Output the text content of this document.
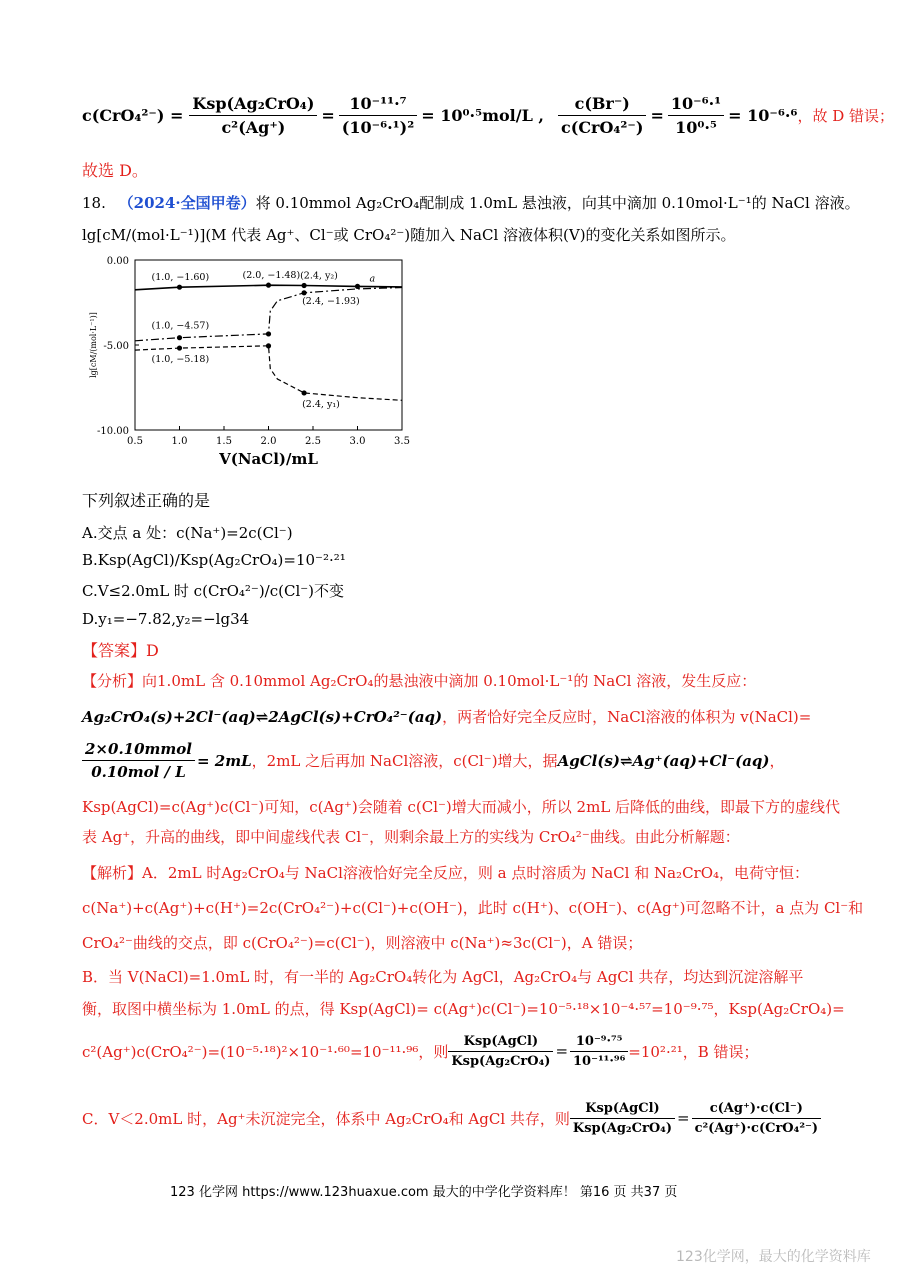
$c(CrO_4^{2-}) = \frac{\text{Ksp(Ag₂CrO₄)}}{\text{c²(Ag⁺)}} = \frac{\text{10⁻¹¹·⁷}}{\text{(10⁻⁶·¹)²}} = 10^0\cdot^5mol/L$ , $\frac{c(Br^-)}{\text{c(CrO₄²⁻)}} = \frac{\text{10⁻⁶·¹}}{\text{10⁰·⁵}} = 10^{-6}\cdot^6$ ，故 D 错误；
故选 D。
18. （2024·全国甲卷）将 0.10mmol Ag₂CrO₄配制成 1.0mL 悬浊液，向其中滴加 0.10mol·L⁻¹的 NaCl 溶液。
lg[cM/(mol·L⁻¹)](M 代表 Ag⁺、Cl⁻或 CrO₄²⁻)随加入 NaCl 溶液体积(V)的变化关系如图所示。
0.5	1.0	1.5	2.0	2.5	3.0	3.5
0.00
-5.00
-10.00
V(NaCl)/mL
lg[cM/(mol·L⁻¹)]
(1.0, −1.60)	(2.0, −1.48) (2.4, y₂)	a
(2.4, −1.93)
(1.0, −4.57)
(1.0, −5.18)
(2.4, y₁)
下列叙述正确的是
A.交点 a 处：c(Na⁺)=2c(Cl⁻)
B.Ksp(AgCl)/Ksp(Ag₂CrO₄)=10⁻²·²¹
C.V≤2.0mL 时 c(CrO₄²⁻)/c(Cl⁻)不变
D.y₁=−7.82,y₂=−lg34
【答案】D
【分析】向1.0mL 含 0.10mmol Ag₂CrO₄的悬浊液中滴加 0.10mol·L⁻¹的 NaCl 溶液，发生反应：
Ag₂CrO₄(s)+2Cl⁻(aq)⇌2AgCl(s)+CrO₄²⁻(aq)，两者恰好完全反应时，NaCl溶液的体积为 v(NaCl)=
$\frac{\text{2×0.10mmol}}{\text{0.10mol / L}} = 2mL$ ，2mL 之后再加 NaCl溶液，c(Cl⁻)增大，据 AgCl(s)⇌Ag⁺(aq)+Cl⁻(aq) ，
Ksp(AgCl)=c(Ag⁺)c(Cl⁻)可知，c(Ag⁺)会随着 c(Cl⁻)增大而减小，所以 2mL 后降低的曲线，即最下方的虚线代
表 Ag⁺，升高的曲线，即中间虚线代表 Cl⁻，则剩余最上方的实线为 CrO₄²⁻曲线。由此分析解题：
【解析】A．2mL 时Ag₂CrO₄与 NaCl溶液恰好完全反应，则 a 点时溶质为 NaCl 和 Na₂CrO₄，电荷守恒：
c(Na⁺)+c(Ag⁺)+c(H⁺)=2c(CrO₄²⁻)+c(Cl⁻)+c(OH⁻)，此时 c(H⁺)、c(OH⁻)、c(Ag⁺)可忽略不计，a 点为 Cl⁻和
CrO₄²⁻曲线的交点，即 c(CrO₄²⁻)=c(Cl⁻)，则溶液中 c(Na⁺)≈3c(Cl⁻)，A 错误；
B．当 V(NaCl)=1.0mL 时，有一半的 Ag₂CrO₄转化为 AgCl，Ag₂CrO₄与 AgCl 共存，均达到沉淀溶解平
衡，取图中横坐标为 1.0mL 的点，得 Ksp(AgCl)= c(Ag⁺)c(Cl⁻)=10⁻⁵·¹⁸×10⁻⁴·⁵⁷=10⁻⁹·⁷⁵，Ksp(Ag₂CrO₄)=
c²(Ag⁺)c(CrO₄²⁻)=(10⁻⁵·¹⁸)²×10⁻¹·⁶⁰=10⁻¹¹·⁹⁶，则 $\frac{\text{Ksp(AgCl)}}{\text{Ksp(Ag₂CrO₄)}} = \frac{\text{10⁻⁹·⁷⁵}}{\text{10⁻¹¹·⁹⁶}} =10^2\cdot^{21}$，B 错误；
C．V＜2.0mL 时，Ag⁺未沉淀完全，体系中 Ag₂CrO₄和 AgCl 共存，则 $\frac{\text{Ksp(AgCl)}}{\text{Ksp(Ag₂CrO₄)}} = \frac{c(Ag^+)\cdot c(Cl^-)}{\text{c²(Ag⁺)·c(CrO₄²⁻)}}$
123 化学网 https://www.123huaxue.com 最大的中学化学资料库！ 第16 页 共37 页
123化学网，最大的化学资料库
